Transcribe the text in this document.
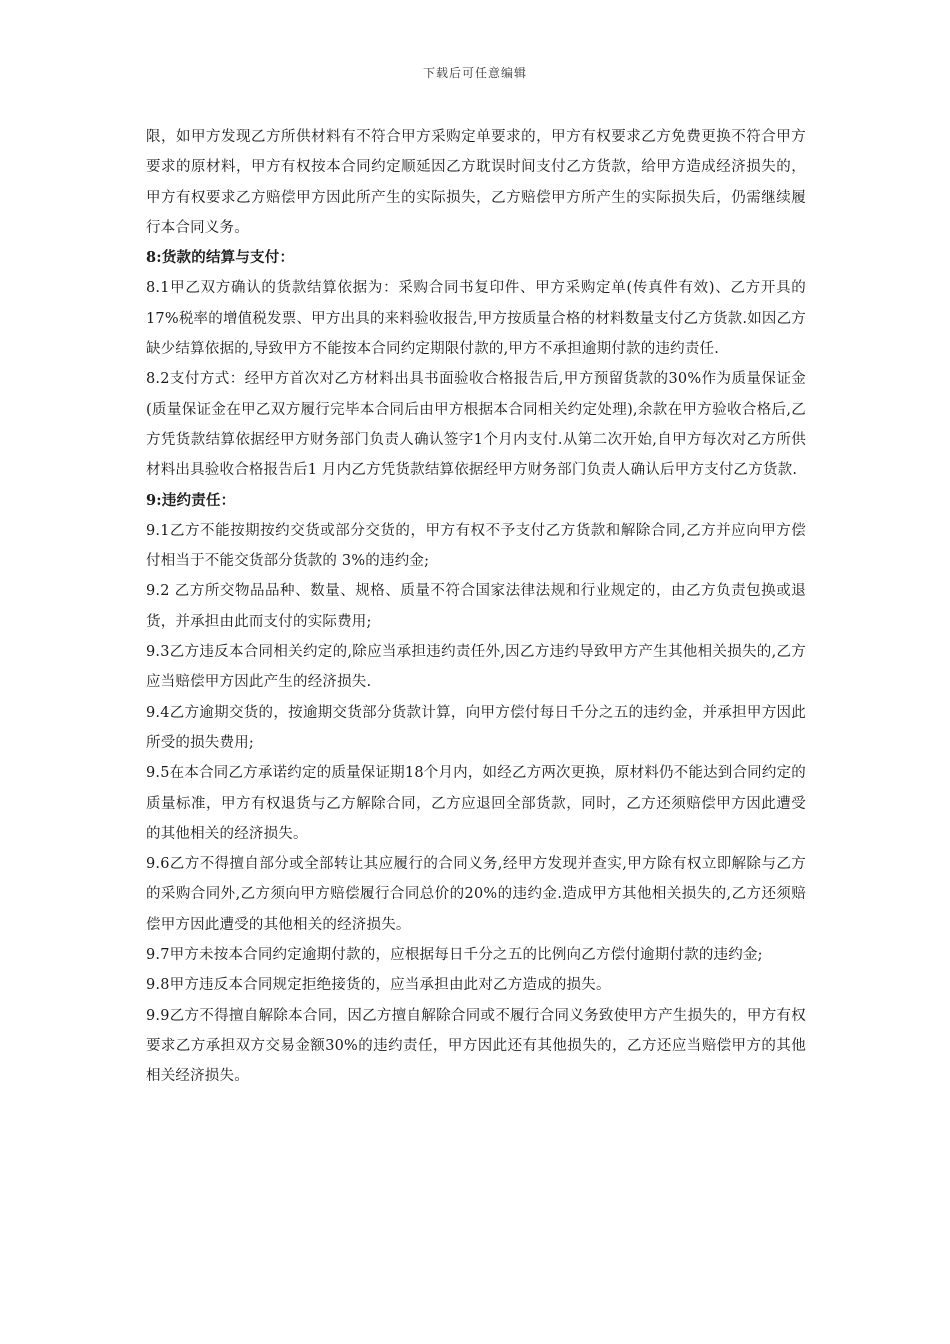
下载后可任意编辑

限，如甲方发现乙方所供材料有不符合甲方采购定单要求的，甲方有权要求乙方免费更换不符合甲方要求的原材料，甲方有权按本合同约定顺延因乙方耽误时间支付乙方货款，给甲方造成经济损失的，甲方有权要求乙方赔偿甲方因此所产生的实际损失，乙方赔偿甲方所产生的实际损失后，仍需继续履行本合同义务。

8:货款的结算与支付：

8.1甲乙双方确认的货款结算依据为：采购合同书复印件、甲方采购定单(传真件有效)、乙方开具的17%税率的增值税发票、甲方出具的来料验收报告,甲方按质量合格的材料数量支付乙方货款.如因乙方缺少结算依据的,导致甲方不能按本合同约定期限付款的,甲方不承担逾期付款的违约责任.

8.2支付方式：经甲方首次对乙方材料出具书面验收合格报告后,甲方预留货款的30%作为质量保证金(质量保证金在甲乙双方履行完毕本合同后由甲方根据本合同相关约定处理),余款在甲方验收合格后,乙方凭货款结算依据经甲方财务部门负责人确认签字1个月内支付.从第二次开始,自甲方每次对乙方所供材料出具验收合格报告后1 月内乙方凭货款结算依据经甲方财务部门负责人确认后甲方支付乙方货款.

9:违约责任：

9.1乙方不能按期按约交货或部分交货的，甲方有权不予支付乙方货款和解除合同,乙方并应向甲方偿付相当于不能交货部分货款的 3%的违约金;

9.2 乙方所交物品品种、数量、规格、质量不符合国家法律法规和行业规定的，由乙方负责包换或退货，并承担由此而支付的实际费用;

9.3乙方违反本合同相关约定的,除应当承担违约责任外,因乙方违约导致甲方产生其他相关损失的,乙方应当赔偿甲方因此产生的经济损失.

9.4乙方逾期交货的，按逾期交货部分货款计算，向甲方偿付每日千分之五的违约金，并承担甲方因此所受的损失费用;

9.5在本合同乙方承诺约定的质量保证期18个月内，如经乙方两次更换，原材料仍不能达到合同约定的质量标准，甲方有权退货与乙方解除合同，乙方应退回全部货款，同时，乙方还须赔偿甲方因此遭受的其他相关的经济损失。

9.6乙方不得擅自部分或全部转让其应履行的合同义务,经甲方发现并查实,甲方除有权立即解除与乙方的采购合同外,乙方须向甲方赔偿履行合同总价的20%的违约金.造成甲方其他相关损失的,乙方还须赔偿甲方因此遭受的其他相关的经济损失。

9.7甲方未按本合同约定逾期付款的，应根据每日千分之五的比例向乙方偿付逾期付款的违约金;

9.8甲方违反本合同规定拒绝接货的，应当承担由此对乙方造成的损失。

9.9乙方不得擅自解除本合同，因乙方擅自解除合同或不履行合同义务致使甲方产生损失的，甲方有权要求乙方承担双方交易金额30%的违约责任，甲方因此还有其他损失的，乙方还应当赔偿甲方的其他相关经济损失。
